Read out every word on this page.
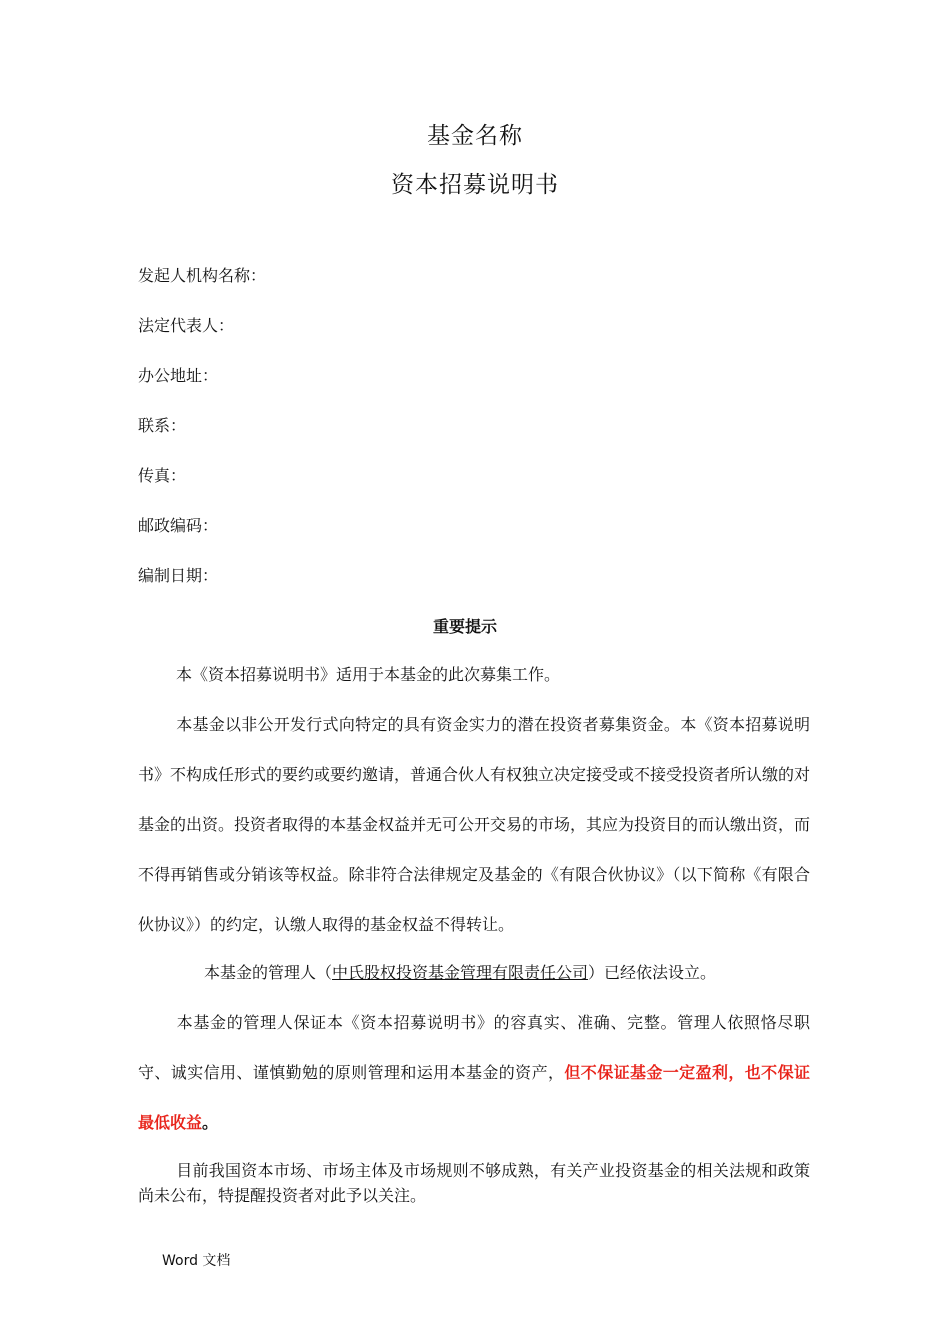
基金名称
资本招募说明书
发起人机构名称：
法定代表人：
办公地址：
联系：
传真：
邮政编码：
编制日期：
重要提示

本《资本招募说明书》适用于本基金的此次募集工作。

本基金以非公开发行式向特定的具有资金实力的潜在投资者募集资金。本《资本招募说明书》不构成任形式的要约或要约邀请，普通合伙人有权独立决定接受或不接受投资者所认缴的对基金的出资。投资者取得的本基金权益并无可公开交易的市场，其应为投资目的而认缴出资，而不得再销售或分销该等权益。除非符合法律规定及基金的《有限合伙协议》（以下简称《有限合伙协议》）的约定，认缴人取得的基金权益不得转让。

本基金的管理人（中氏股权投资基金管理有限责任公司）已经依法设立。

本基金的管理人保证本《资本招募说明书》的容真实、准确、完整。管理人依照恪尽职守、诚实信用、谨慎勤勉的原则管理和运用本基金的资产，但不保证基金一定盈利，也不保证最低收益。

目前我国资本市场、市场主体及市场规则不够成熟，有关产业投资基金的相关法规和政策尚未公布，特提醒投资者对此予以关注。

Word 文档
